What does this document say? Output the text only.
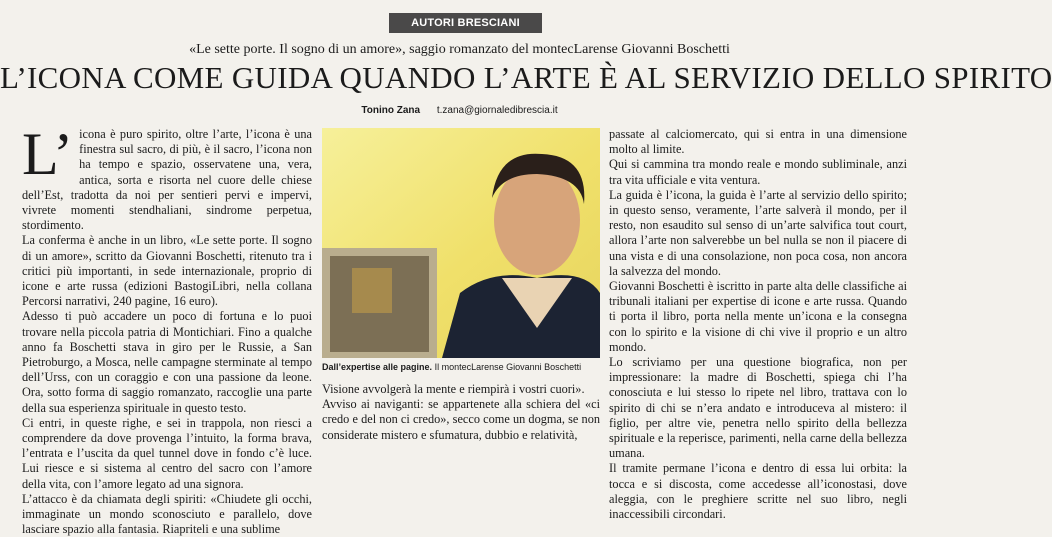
AUTORI BRESCIANI
«Le sette porte. Il sogno di un amore», saggio romanzato del montecLarense Giovanni Boschetti
L’ICONA COME GUIDA QUANDO L’ARTE È AL SERVIZIO DELLO SPIRITO
Tonino Zana t.zana@giornaledibrescia.it
L’ icona è puro spirito, oltre l’arte, l’icona è una finestra sul sacro, di più, è il sacro, l’icona non ha tempo e spazio, osservatene una, vera, antica, sorta e risorta nel cuore delle chiese dell’Est, tradotta da noi per sentieri pervi e impervi, vivrete momenti stendhaliani, sindrome perpetua, stordimento.

La conferma è anche in un libro, «Le sette porte. Il sogno di un amore», scritto da Giovanni Boschetti, ritenuto tra i critici più importanti, in sede internazionale, proprio di icone e arte russa (edizioni BastogiLibri, nella collana Percorsi narrativi, 240 pagine, 16 euro).

Adesso ti può accadere un poco di fortuna e lo puoi trovare nella piccola patria di Montichiari. Fino a qualche anno fa Boschetti stava in giro per le Russie, a San Pietroburgo, a Mosca, nelle campagne sterminate al tempo dell’Urss, con un coraggio e con una passione da leone. Ora, sotto forma di saggio romanzato, raccoglie una parte della sua esperienza spirituale in questo testo.

Ci entri, in queste righe, e sei in trappola, non riesci a comprendere da dove provenga l’intuito, la forma brava, l’entrata e l’uscita da quel tunnel dove in fondo c’è luce. Lui riesce e si sistema al centro del sacro con l’amore della vita, con l’amore legato ad una signora.

L’attacco è da chiamata degli spiriti: «Chiudete gli occhi, immaginate un mondo sconosciuto e parallelo, dove lasciare spazio alla fantasia. Riapriteli e una sublime

Dall’expertise alle pagine. Il montecLarense Giovanni Boschetti

Visione avvolgerà la mente e riempirà i vostri cuori».

Avviso ai naviganti: se appartenete alla schiera del «ci credo e del non ci credo», secco come un dogma, se non considerate mistero e sfumatura, dubbio e relatività,

passate al calciomercato, qui si entra in una dimensione molto al limite.

Qui si cammina tra mondo reale e mondo subliminale, anzi tra vita ufficiale e vita ventura.

La guida è l’icona, la guida è l’arte al servizio dello spirito; in questo senso, veramente, l’arte salverà il mondo, per il resto, non esaudito sul senso di un’arte salvifica tout court, allora l’arte non salverebbe un bel nulla se non il piacere di una vista e di una consolazione, non poca cosa, non ancora la salvezza del mondo.

Giovanni Boschetti è iscritto in parte alta delle classifiche ai tribunali italiani per expertise di icone e arte russa. Quando ti porta il libro, porta nella mente un’icona e la consegna con lo spirito e la visione di chi vive il proprio e un altro mondo.

Lo scriviamo per una questione biografica, non per impressionare: la madre di Boschetti, spiega chi l’ha conosciuta e lui stesso lo ripete nel libro, trattava con lo spirito di chi se n’era andato e introduceva al mistero: il figlio, per altre vie, penetra nello spirito della bellezza spirituale e la reperisce, parimenti, nella carne della bellezza umana.

Il tramite permane l’icona e dentro di essa lui orbita: la tocca e si discosta, come accedesse all’iconostasi, dove aleggia, con le preghiere scritte nel suo libro, negli inaccessibili circondari.
